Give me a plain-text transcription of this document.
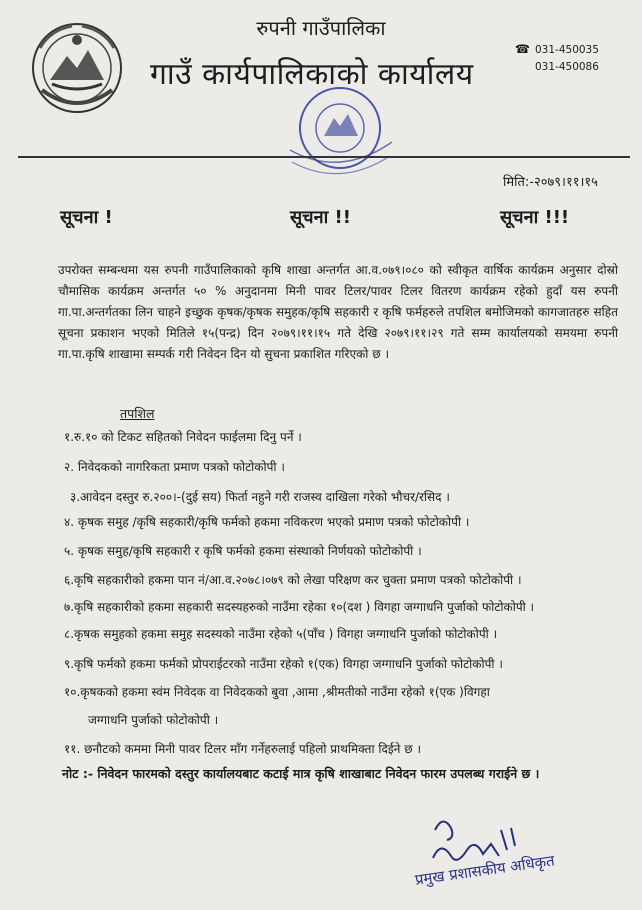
रुपनी गाउँपालिका
गाउँ कार्यपालिकाको कार्यालय
☎ 031-450035
031-450086
मिति:-२०७९।११।१५
सूचना !	सूचना !!	सूचना !!!
उपरोक्त सम्बन्धमा यस रुपनी गाउँपालिकाको कृषि शाखा अन्तर्गत आ.व.०७९।०८० को स्वीकृत वार्षिक कार्यक्रम अनुसार दोस्रो चौमासिक कार्यक्रम अन्तर्गत ५० % अनुदानमा मिनी पावर टिलर/पावर टिलर वितरण कार्यक्रम रहेको हुदाँ यस रुपनी गा.पा.अन्तर्गतका लिन चाहने इच्छुक कृषक/कृषक समुहक/कृषि सहकारी र कृषि फर्महरुले तपशिल बमोजिमको कागजातहरु सहित सूचना प्रकाशन भएको मितिले १५(पन्द्र) दिन २०७९।११।१५ गते देखि २०७९।११।२९ गते सम्म कार्यालयको समयमा रुपनी गा.पा.कृषि शाखामा सम्पर्क गरी निवेदन दिन यो सुचना प्रकाशित गरिएको छ ।
तपशिल
१.रु.१० को टिकट सहितको निवेदन फाईलमा दिनु पर्ने ।
२. निवेदकको नागरिकता प्रमाण पत्रको फोटोकोपी ।
३.आवेदन दस्तुर रु.२००।-(दुई सय) फिर्ता नहुने गरी राजस्व दाखिला गरेको भौचर/रसिद ।
४. कृषक समुह /कृषि सहकारी/कृषि फर्मको हकमा नविकरण भएको प्रमाण पत्रको फोटोकोपी ।
५. कृषक समुह/कृषि सहकारी र कृषि फर्मको हकमा संस्थाको निर्णयको फोटोकोपी ।
६.कृषि सहकारीको हकमा पान नं/आ.व.२०७८।०७९ को लेखा परिक्षण कर चुक्ता प्रमाण पत्रको फोटोकोपी ।
७.कृषि सहकारीको हकमा सहकारी सदस्यहरुको नाउँमा रहेका १०(दश ) विगहा जग्गाधनि पुर्जाको फोटोकोपी ।
८.कृषक समुहको हकमा समुह सदस्यको नाउँमा रहेको ५(पाँच ) विगहा जग्गाधनि पुर्जाको फोटोकोपी ।
९.कृषि फर्मको हकमा फर्मको प्रोपराईटरको नाउँमा रहेको १(एक) विगहा जग्गाधनि पुर्जाको फोटोकोपी ।
१०.कृषकको हकमा स्वंम निवेदक वा निवेदकको बुवा ,आमा ,श्रीमतीको नाउँमा रहेको १(एक )विगहा
जग्गाधनि पुर्जाको फोटोकोपी ।
११. छनौटको कममा मिनी पावर टिलर माँग गर्नेहरुलाई पहिलो प्राथमिक्ता दिईने छ ।
नोट :- निवेदन फारमको दस्तुर कार्यालयबाट कटाई मात्र कृषि शाखाबाट निवेदन फारम उपलब्ध गराईने छ ।
प्रमुख प्रशासकीय अधिकृत
